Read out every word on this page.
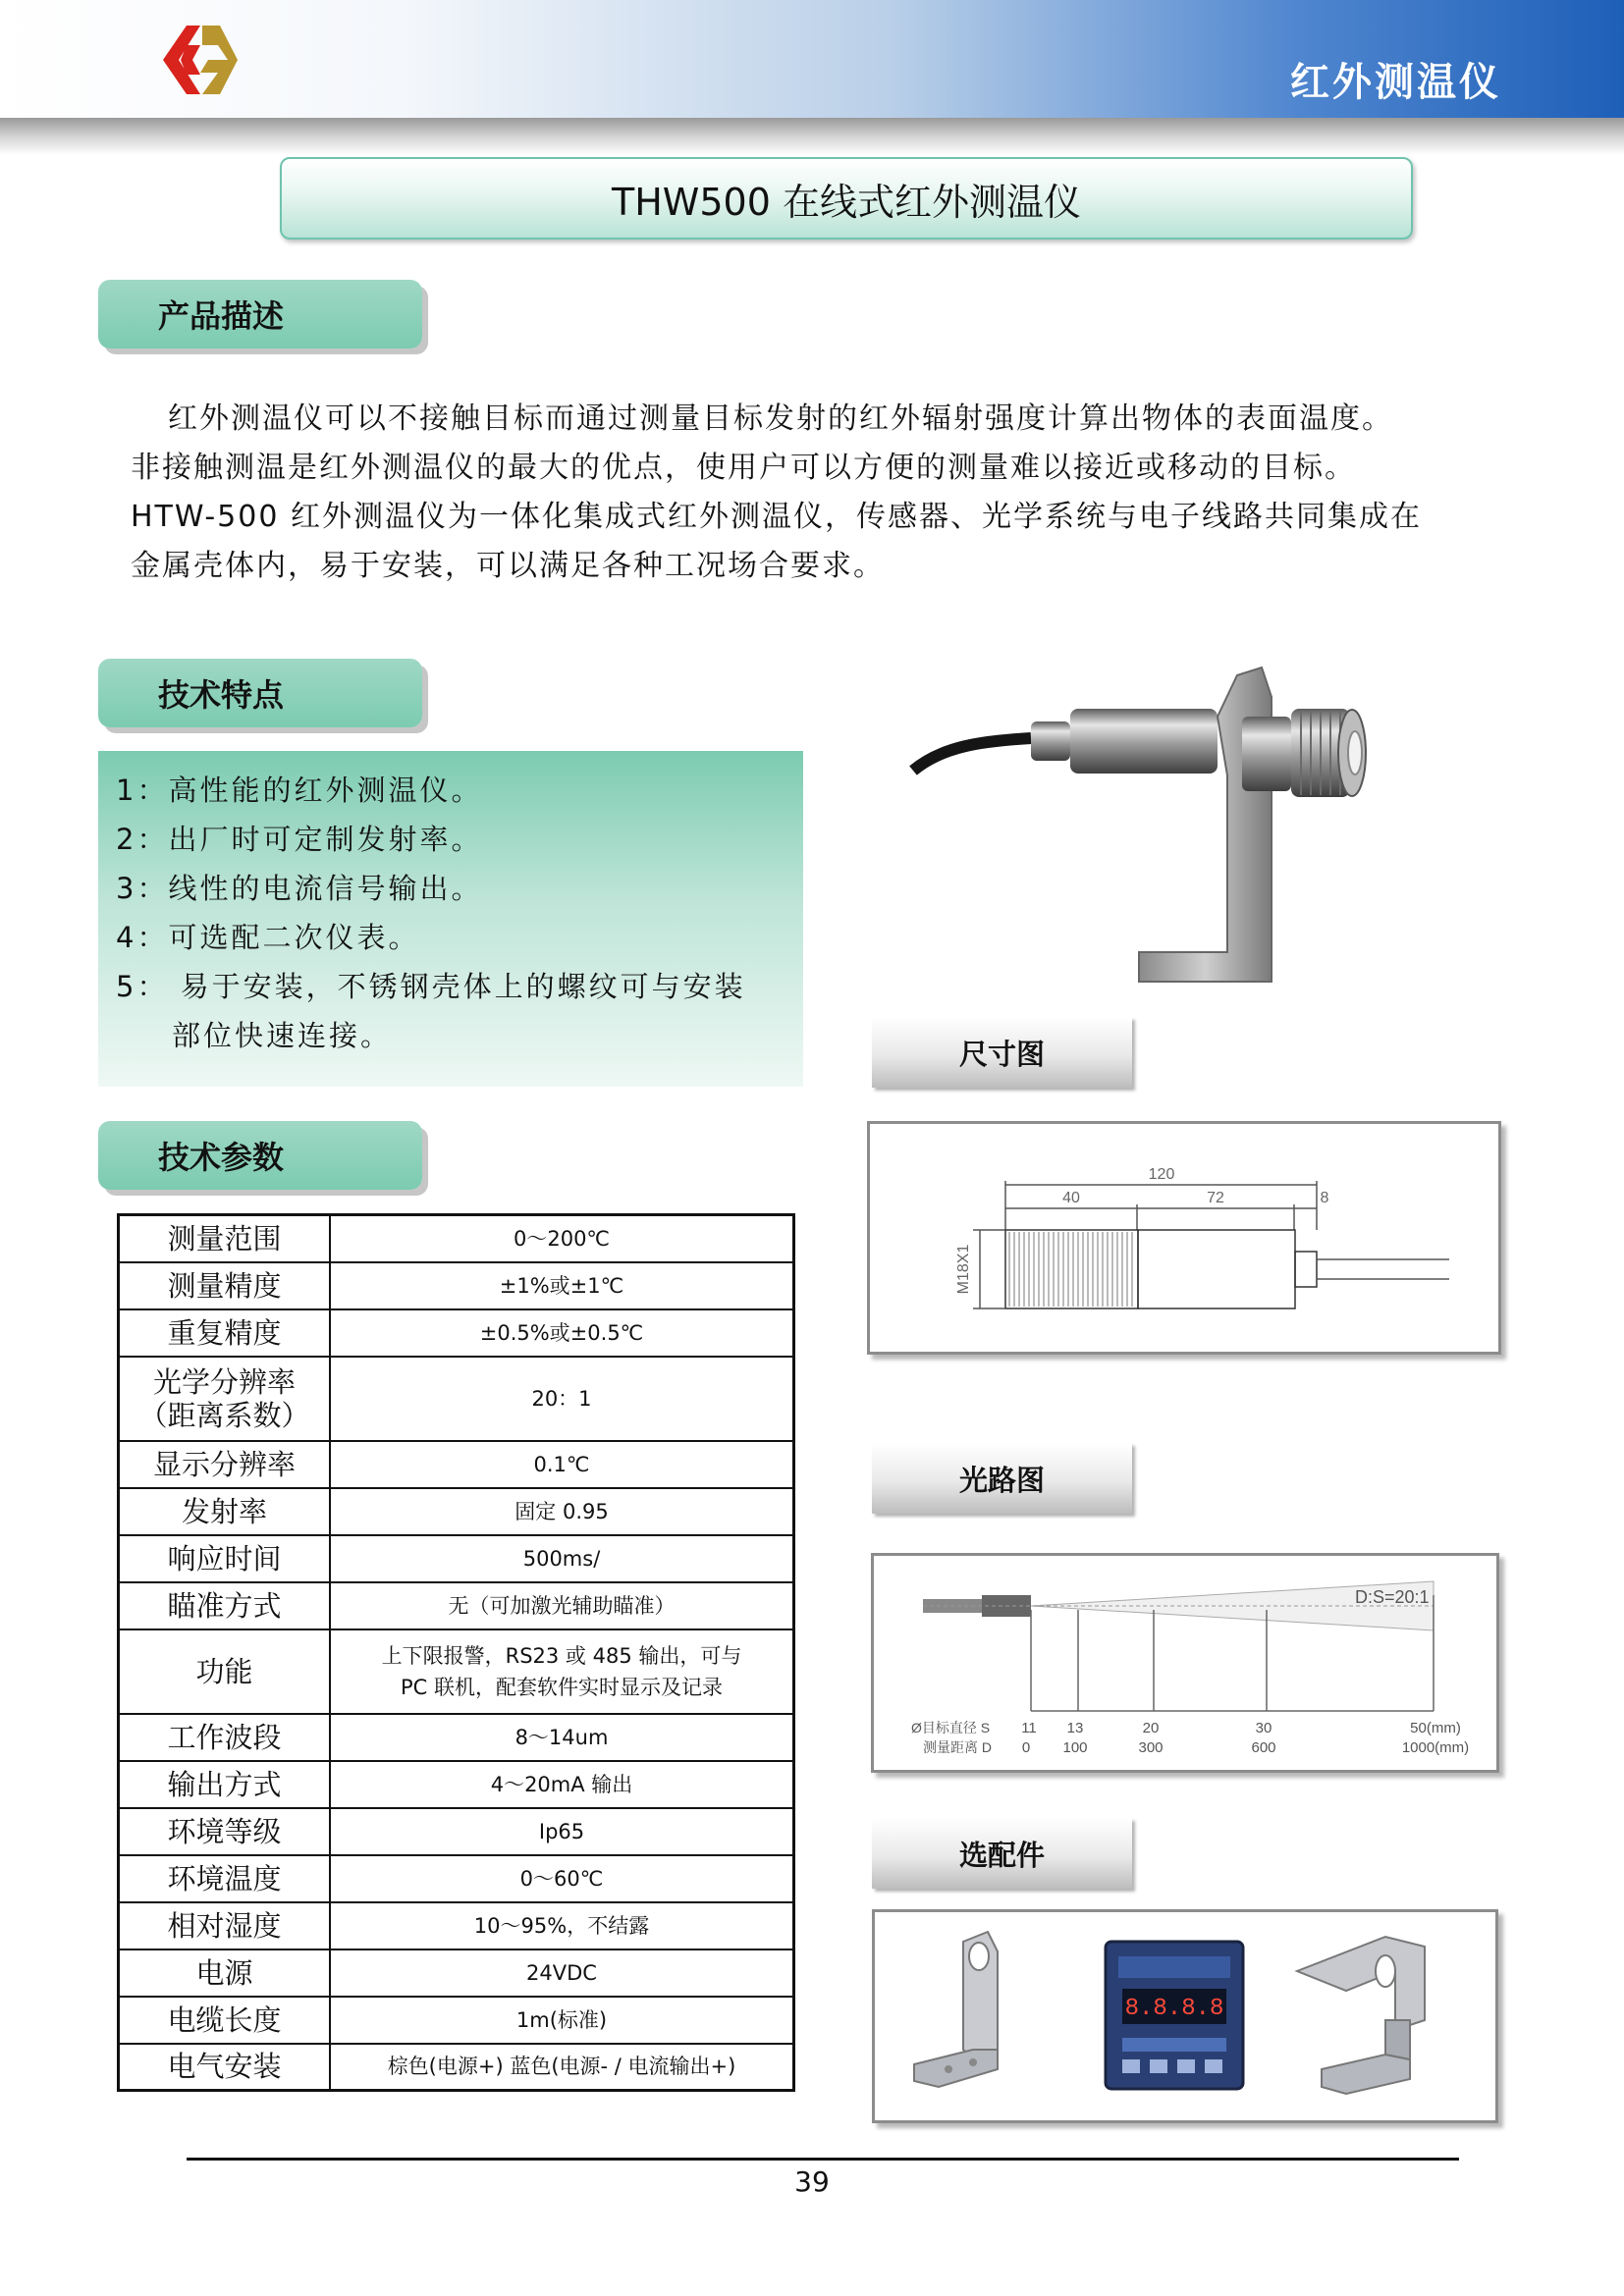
红外测温仪
THW500 在线式红外测温仪
产品描述

红外测温仪可以不接触目标而通过测量目标发射的红外辐射强度计算出物体的表面温度。

非接触测温是红外测温仪的最大的优点，使用户可以方便的测量难以接近或移动的目标。

HTW-500 红外测温仪为一体化集成式红外测温仪，传感器、光学系统与电子线路共同集成在

金属壳体内，易于安装，可以满足各种工况场合要求。

技术特点
1：高性能的红外测温仪。
2：出厂时可定制发射率。
3：线性的电流信号输出。
4：可选配二次仪表。
5： 易于安装，不锈钢壳体上的螺纹可与安装
部位快速连接。
技术参数
测量范围	0～200℃
测量精度	±1%或±1℃
重复精度	±0.5%或±0.5℃

光学分辨率
（距离系数）	20：1
显示分辨率	0.1℃
发射率	固定 0.95
响应时间	500ms/
瞄准方式	无（可加激光辅助瞄准）
功能	上下限报警，RS23 或 485 输出，可与
PC 联机，配套软件实时显示及记录

工作波段	8～14um
输出方式	4～20mA 输出
环境等级	Ip65
环境温度	0～60℃
相对湿度	10～95%，不结露
电源	24VDC
电缆长度	1m(标准)
电气安装	棕色(电源+) 蓝色(电源- / 电流输出+)
尺寸图
120
40	72	8
M18X1
光路图
D:S=20:1
Ø目标直径 S
测量距离 D
11 13	20	30	50(mm)
0 100	300	600	1000(mm)
选配件
8.8.8.8
39
